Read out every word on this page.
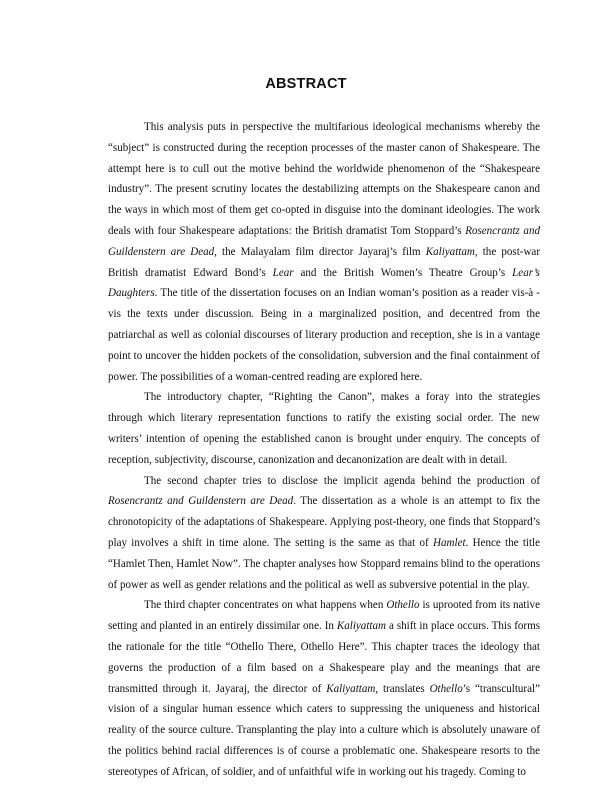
ABSTRACT

This analysis puts in perspective the multifarious ideological mechanisms whereby the “subject” is constructed during the reception processes of the master canon of Shakespeare. The attempt here is to cull out the motive behind the worldwide phenomenon of the “Shakespeare industry”. The present scrutiny locates the destabilizing attempts on the Shakespeare canon and the ways in which most of them get co-opted in disguise into the dominant ideologies. The work deals with four Shakespeare adaptations: the British dramatist Tom Stoppard’s Rosencrantz and Guildenstern are Dead, the Malayalam film director Jayaraj’s film Kaliyattam, the post-war British dramatist Edward Bond’s Lear and the British Women’s Theatre Group’s Lear’s Daughters. The title of the dissertation focuses on an Indian woman’s position as a reader vis-à - vis the texts under discussion. Being in a marginalized position, and decentred from the patriarchal as well as colonial discourses of literary production and reception, she is in a vantage point to uncover the hidden pockets of the consolidation, subversion and the final containment of power. The possibilities of a woman-centred reading are explored here.

The introductory chapter, “Righting the Canon”, makes a foray into the strategies through which literary representation functions to ratify the existing social order. The new writers’ intention of opening the established canon is brought under enquiry. The concepts of reception, subjectivity, discourse, canonization and decanonization are dealt with in detail.

The second chapter tries to disclose the implicit agenda behind the production of Rosencrantz and Guildenstern are Dead. The dissertation as a whole is an attempt to fix the chronotopicity of the adaptations of Shakespeare. Applying post-theory, one finds that Stoppard’s play involves a shift in time alone. The setting is the same as that of Hamlet. Hence the title “Hamlet Then, Hamlet Now”. The chapter analyses how Stoppard remains blind to the operations of power as well as gender relations and the political as well as subversive potential in the play.

The third chapter concentrates on what happens when Othello is uprooted from its native setting and planted in an entirely dissimilar one. In Kaliyattam a shift in place occurs. This forms the rationale for the title “Othello There, Othello Here”. This chapter traces the ideology that governs the production of a film based on a Shakespeare play and the meanings that are transmitted through it. Jayaraj, the director of Kaliyattam, translates Othello’s “transcultural” vision of a singular human essence which caters to suppressing the uniqueness and historical reality of the source culture. Transplanting the play into a culture which is absolutely unaware of the politics behind racial differences is of course a problematic one. Shakespeare resorts to the stereotypes of African, of soldier, and of unfaithful wife in working out his tragedy. Coming to
